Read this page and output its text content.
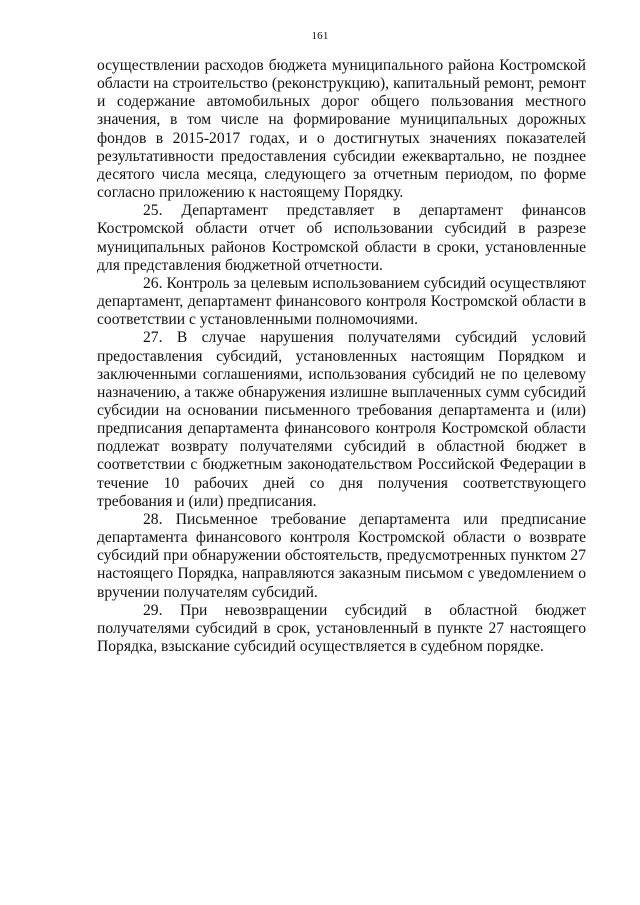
161

осуществлении расходов бюджета муниципального района Костромской области на строительство (реконструкцию), капитальный ремонт, ремонт и содержание автомобильных дорог общего пользования местного значения, в том числе на формирование муниципальных дорожных фондов в 2015-2017 годах, и о достигнутых значениях показателей результативности предоставления субсидии ежеквартально, не позднее десятого числа месяца, следующего за отчетным периодом, по форме согласно приложению к настоящему Порядку.

25. Департамент представляет в департамент финансов Костромской области отчет об использовании субсидий в разрезе муниципальных районов Костромской области в сроки, установленные для представления бюджетной отчетности.

26. Контроль за целевым использованием субсидий осуществляют департамент, департамент финансового контроля Костромской области в соответствии с установленными полномочиями.

27. В случае нарушения получателями субсидий условий предоставления субсидий, установленных настоящим Порядком и заключенными соглашениями, использования субсидий не по целевому назначению, а также обнаружения излишне выплаченных сумм субсидий субсидии на основании письменного требования департамента и (или) предписания департамента финансового контроля Костромской области подлежат возврату получателями субсидий в областной бюджет в соответствии с бюджетным законодательством Российской Федерации в течение 10 рабочих дней со дня получения соответствующего требования и (или) предписания.

28. Письменное требование департамента или предписание департамента финансового контроля Костромской области о возврате субсидий при обнаружении обстоятельств, предусмотренных пунктом 27 настоящего Порядка, направляются заказным письмом с уведомлением о вручении получателям субсидий.

29. При невозвращении субсидий в областной бюджет получателями субсидий в срок, установленный в пункте 27 настоящего Порядка, взыскание субсидий осуществляется в судебном порядке.
